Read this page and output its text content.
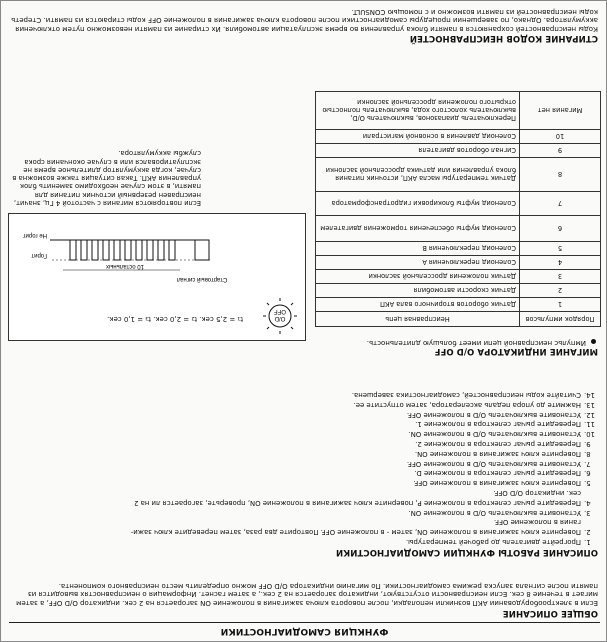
ФУНКЦИЯ САМОДИАГНОСТИКИ
ОБЩЕЕ ОПИСАНИЕ
Если в электрооборудовании АКП возникли неполадки, после поворота ключа зажигания в положение ON загорается на 2 сек. индикатор O/D OFF, а затем мигает в течение 8 сек. Если неисправности отсутствуют, индикатор загорается на 2 сек., а затем гаснет. Информация о неисправностях выводится из памяти после сигнала запуска режима самодиагностики. По миганию индикатора O/D OFF можно определить место неисправного компонента.
ОПИСАНИЕ РАБОТЫ ФУНКЦИИ САМОДИАГНОСТИКИ
1.Прогрейте двигатель до рабочей температуры.
2.Поверните ключ зажигания в положение ON, затем - в положение OFF. Повторите два раза, затем переведите ключ зажи-
гания в положение OFF.
3.Установите выключатель O/D в положение ON.
4.Переведите рычаг селектора в положение P, поверните ключ зажигания в положение ON, проверьте, загорается ли на 2
сек. индикатор O/D OFF.
5.Поверните ключ зажигания в положение OFF.
6.Переведите рычаг селектора в положение D.
7.Установите выключатель O/D в положение OFF.
8.Поверните ключ зажигания в положение ON.
9.Переведите рычаг селектора в положение 2.
10.Установите выключатель O/D в положение ON.
11.Переведите рычаг селектора в положение 1.
12.Установите выключатель O/D в положение OFF.
13.Нажмите до упора педаль акселератора, затем отпустите ее.
14.Считайте коды неисправностей, самодиагностика завершена.
МИГАНИЕ ИНДИКАТОРА O/D OFF
Импульс неисправной цепи имеет большую длительность.
Порядок импульсов	Неисправная цепь
1	Датчик оборотов вторичного вала АКП
2	Датчик скорости автомобиля
3	Датчик положения дроссельной заслонки
4	Соленоид переключения А
5	Соленоид переключения В
6	Соленоид муфты обеспечения торможения двигателем
7	Соленоид муфты блокировки гидротрансформатора
8	Датчик температуры масла АКП, источник питания блока управления или датчика дроссельной заслонки
9	Сигнал оборотов двигателя
10	Соленоид давления в основной магистрали
Мигания нет	Переключатель диапазонов, выключатель O/D, выключатель холостого хода, выключатель полностью открытого положения дроссельной заслонки
t₁ = 2,5 сек. t₂ = 2,0 сек. t₃ = 1,0 сек.	O/D
OFF
Стартовый сигнал
10 остальных
Горит
Не горит
Если повторяются мигания с частотой 4 Гц, значит, неисправен резервный источник питания для памяти, в этом случае необходимо заменить блок управления АКП. Такая ситуация также возможна в случае, когда аккумулятор длительное время не эксплуатировался или в случае окончания срока службы аккумулятора.
СТИРАНИЕ КОДОВ НЕИСПРАВНОСТЕЙ
Коды неисправностей сохраняются в памяти блока управления во время эксплуатации автомобиля. Их стирание из памяти невозможно путем отключения аккумулятора. Однако, по завершении процедуры самодиагностики после поворота ключа зажигания в положение OFF коды стираются из памяти. Стереть коды неисправностей из памяти возможно и с помощью CONSULT.
